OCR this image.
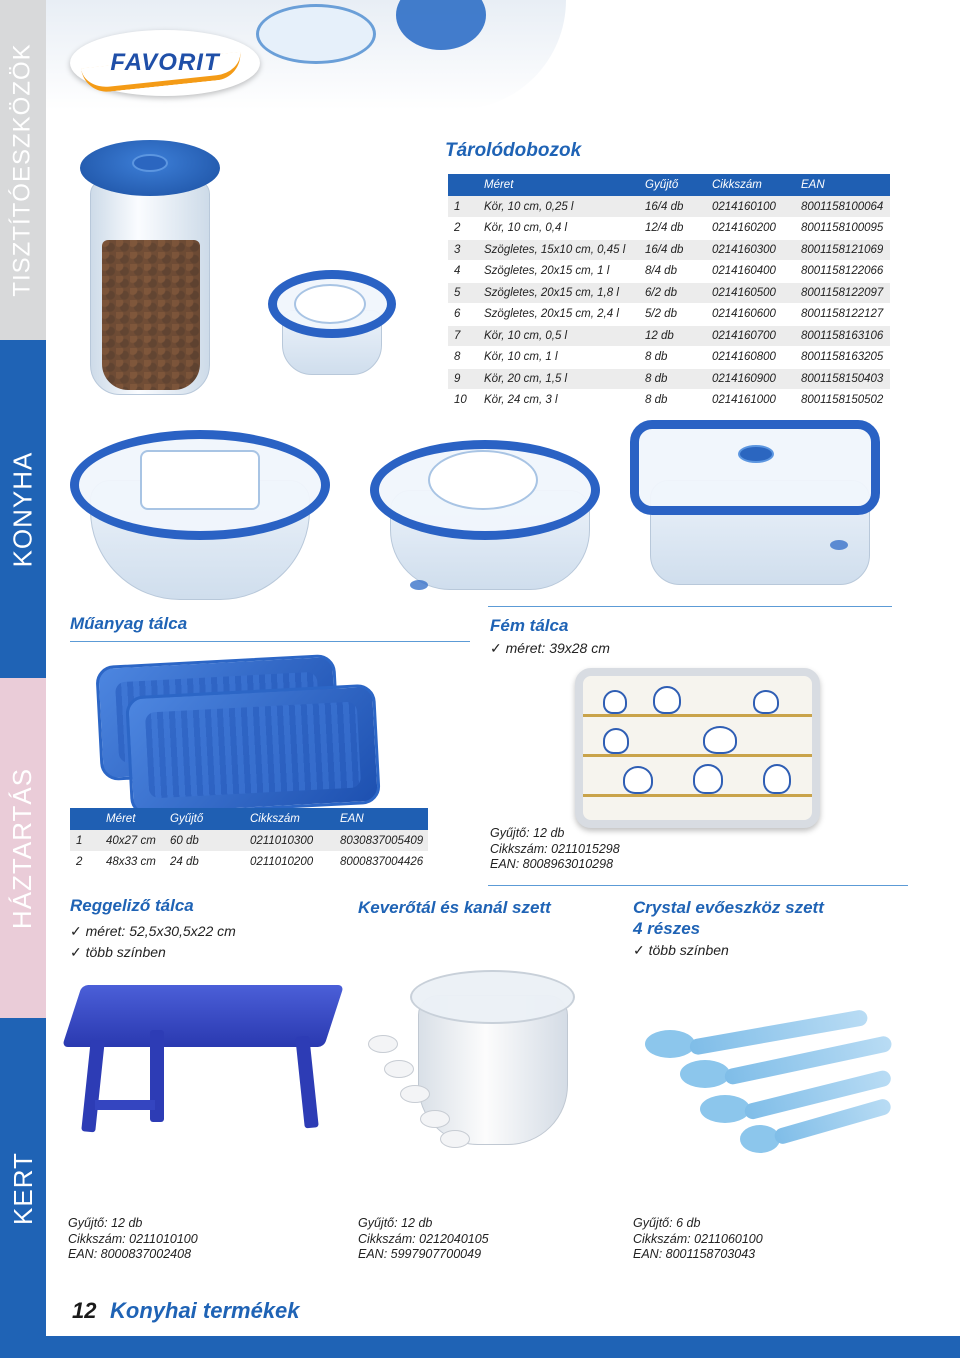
TISZTÍTÓESZKÖZÖK
KONYHA
HÁZTARTÁS
KERT
FAVORIT
Tárolódobozok
	Méret	Gyűjtő	Cikkszám	EAN
1	Kör, 10 cm, 0,25 l	16/4 db	0214160100	8001158100064
2	Kör, 10 cm, 0,4 l	12/4 db	0214160200	8001158100095
3	Szögletes, 15x10 cm, 0,45 l	16/4 db	0214160300	8001158121069
4	Szögletes, 20x15 cm, 1 l	8/4 db	0214160400	8001158122066
5	Szögletes, 20x15 cm, 1,8 l	6/2 db	0214160500	8001158122097
6	Szögletes, 20x15 cm, 2,4 l	5/2 db	0214160600	8001158122127
7	Kör, 10 cm, 0,5 l	12 db	0214160700	8001158163106
8	Kör, 10 cm, 1 l	8 db	0214160800	8001158163205
9	Kör, 20 cm, 1,5 l	8 db	0214160900	8001158150403
10	Kör, 24 cm, 3 l	8 db	0214161000	8001158150502
Műanyag tálca
	Méret	Gyűjtő	Cikkszám	EAN
1	40x27 cm	60 db	0211010300	8030837005409
2	48x33 cm	24 db	0211010200	8000837004426
Fém tálca
✓ méret: 39x28 cm
Gyűjtő: 12 db
Cikkszám: 0211015298
EAN: 8008963010298
Reggeliző tálca
✓ méret: 52,5x30,5x22 cm
✓ több színben
Gyűjtő: 12 db
Cikkszám: 0211010100
EAN: 8000837002408
Keverőtál és kanál szett
Gyűjtő: 12 db
Cikkszám: 0212040105
EAN: 5997907700049
Crystal evőeszköz szett
4 részes
✓ több színben
Gyűjtő: 6 db
Cikkszám: 0211060100
EAN: 8001158703043
12 Konyhai termékek
